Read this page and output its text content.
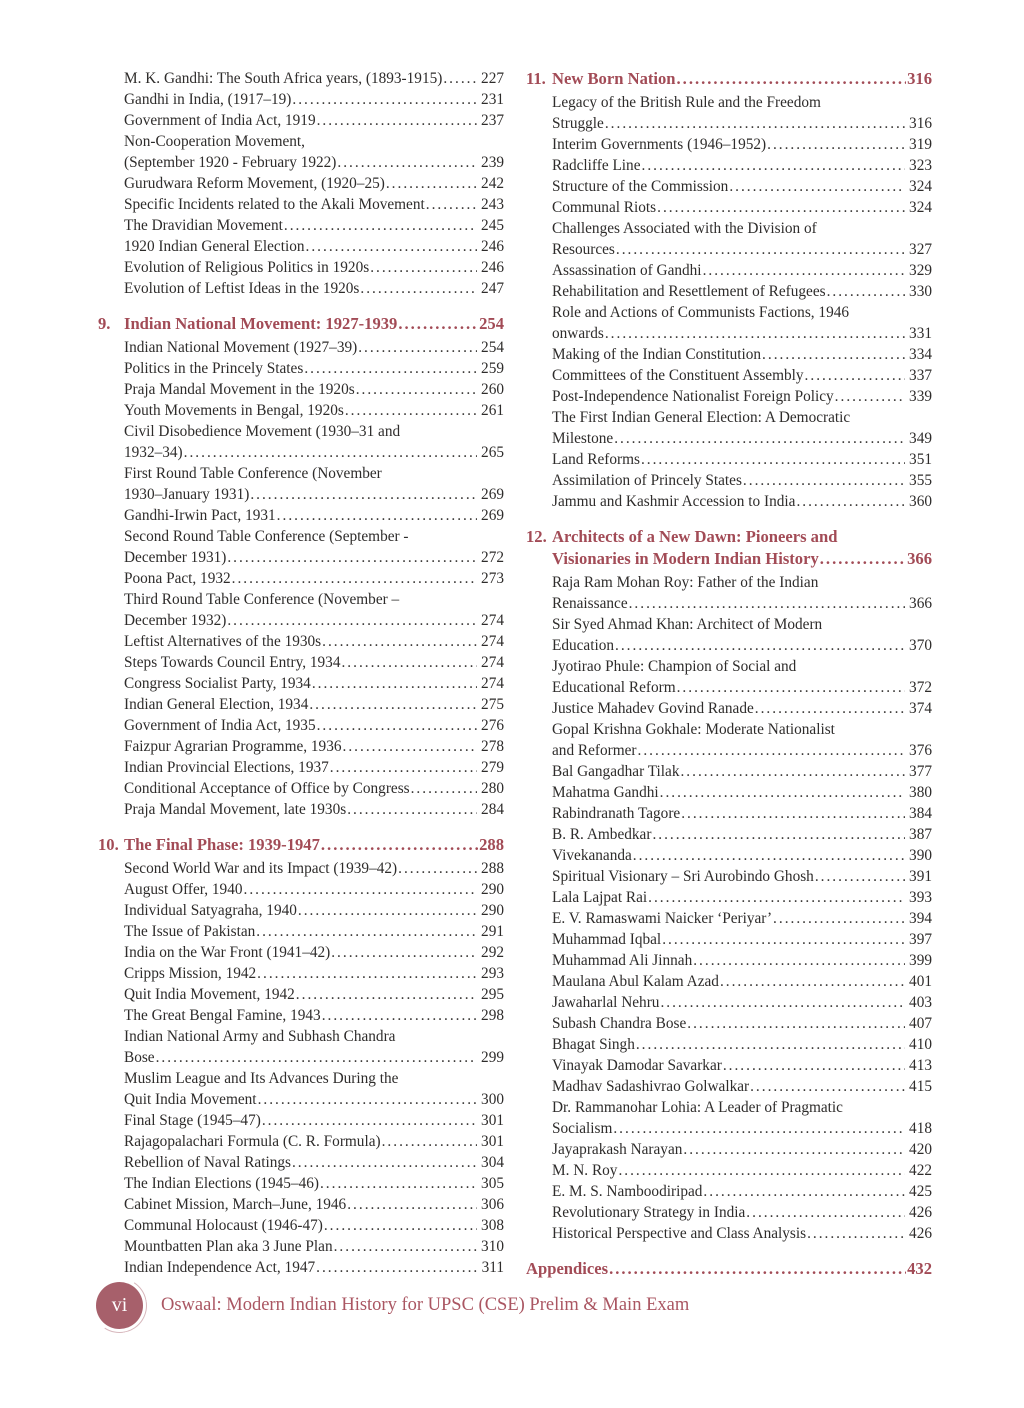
M. K. Gandhi: The South Africa years, (1893-1915) .....	227
Gandhi in India, (1917–19) .....	231
Government of India Act, 1919 .....	237
Non-Cooperation Movement,
(September 1920 - February 1922) .....	239
Gurudwara Reform Movement, (1920–25) .....	242
Specific Incidents related to the Akali Movement .....	243
The Dravidian Movement .....	245
1920 Indian General Election .....	246
Evolution of Religious Politics in 1920s .....	246
Evolution of Leftist Ideas in the 1920s .....	247
9. Indian National Movement: 1927-1939 .....	254
Indian National Movement (1927–39) .....	254
Politics in the Princely States .....	259
Praja Mandal Movement in the 1920s .....	260
Youth Movements in Bengal, 1920s .....	261
Civil Disobedience Movement (1930–31 and
1932–34) .....	265
First Round Table Conference (November
1930–January 1931) .....	269
Gandhi-Irwin Pact, 1931 .....	269
Second Round Table Conference (September -
December 1931) .....	272
Poona Pact, 1932 .....	273
Third Round Table Conference (November –
December 1932) .....	274
Leftist Alternatives of the 1930s .....	274
Steps Towards Council Entry, 1934 .....	274
Congress Socialist Party, 1934 .....	274
Indian General Election, 1934 .....	275
Government of India Act, 1935 .....	276
Faizpur Agrarian Programme, 1936 .....	278
Indian Provincial Elections, 1937 .....	279
Conditional Acceptance of Office by Congress .....	280
Praja Mandal Movement, late 1930s .....	284
10. The Final Phase: 1939-1947 .....	288
Second World War and its Impact (1939–42) .....	288
August Offer, 1940 .....	290
Individual Satyagraha, 1940 .....	290
The Issue of Pakistan .....	291
India on the War Front (1941–42) .....	292
Cripps Mission, 1942 .....	293
Quit India Movement, 1942 .....	295
The Great Bengal Famine, 1943 .....	298
Indian National Army and Subhash Chandra
Bose .....	299
Muslim League and Its Advances During the
Quit India Movement .....	300
Final Stage (1945–47) .....	301
Rajagopalachari Formula (C. R. Formula) .....	301
Rebellion of Naval Ratings .....	304
The Indian Elections (1945–46) .....	305
Cabinet Mission, March–June, 1946 .....	306
Communal Holocaust (1946-47) .....	308
Mountbatten Plan aka 3 June Plan .....	310
Indian Independence Act, 1947 .....	311
11. New Born Nation .....	316
Legacy of the British Rule and the Freedom
Struggle .....	316
Interim Governments (1946–1952) .....	319
Radcliffe Line .....	323
Structure of the Commission .....	324
Communal Riots .....	324
Challenges Associated with the Division of
Resources .....	327
Assassination of Gandhi .....	329
Rehabilitation and Resettlement of Refugees .....	330
Role and Actions of Communists Factions, 1946
onwards .....	331
Making of the Indian Constitution .....	334
Committees of the Constituent Assembly .....	337
Post-Independence Nationalist Foreign Policy .....	339
The First Indian General Election: A Democratic
Milestone .....	349
Land Reforms .....	351
Assimilation of Princely States .....	355
Jammu and Kashmir Accession to India .....	360
12. Architects of a New Dawn: Pioneers and
Visionaries in Modern Indian History .....	366
Raja Ram Mohan Roy: Father of the Indian
Renaissance .....	366
Sir Syed Ahmad Khan: Architect of Modern
Education .....	370
Jyotirao Phule: Champion of Social and
Educational Reform .....	372
Justice Mahadev Govind Ranade .....	374
Gopal Krishna Gokhale: Moderate Nationalist
and Reformer .....	376
Bal Gangadhar Tilak .....	377
Mahatma Gandhi .....	380
Rabindranath Tagore .....	384
B. R. Ambedkar .....	387
Vivekananda .....	390
Spiritual Visionary – Sri Aurobindo Ghosh .....	391
Lala Lajpat Rai .....	393
E. V. Ramaswami Naicker ‘Periyar’ .....	394
Muhammad Iqbal .....	397
Muhammad Ali Jinnah .....	399
Maulana Abul Kalam Azad .....	401
Jawaharlal Nehru .....	403
Subash Chandra Bose .....	407
Bhagat Singh .....	410
Vinayak Damodar Savarkar .....	413
Madhav Sadashivrao Golwalkar .....	415
Dr. Rammanohar Lohia: A Leader of Pragmatic
Socialism .....	418
Jayaprakash Narayan .....	420
M. N. Roy .....	422
E. M. S. Namboodiripad .....	425
Revolutionary Strategy in India .....	426
Historical Perspective and Class Analysis .....	426
Appendices .....	432
vi Oswaal: Modern Indian History for UPSC (CSE) Prelim & Main Exam
